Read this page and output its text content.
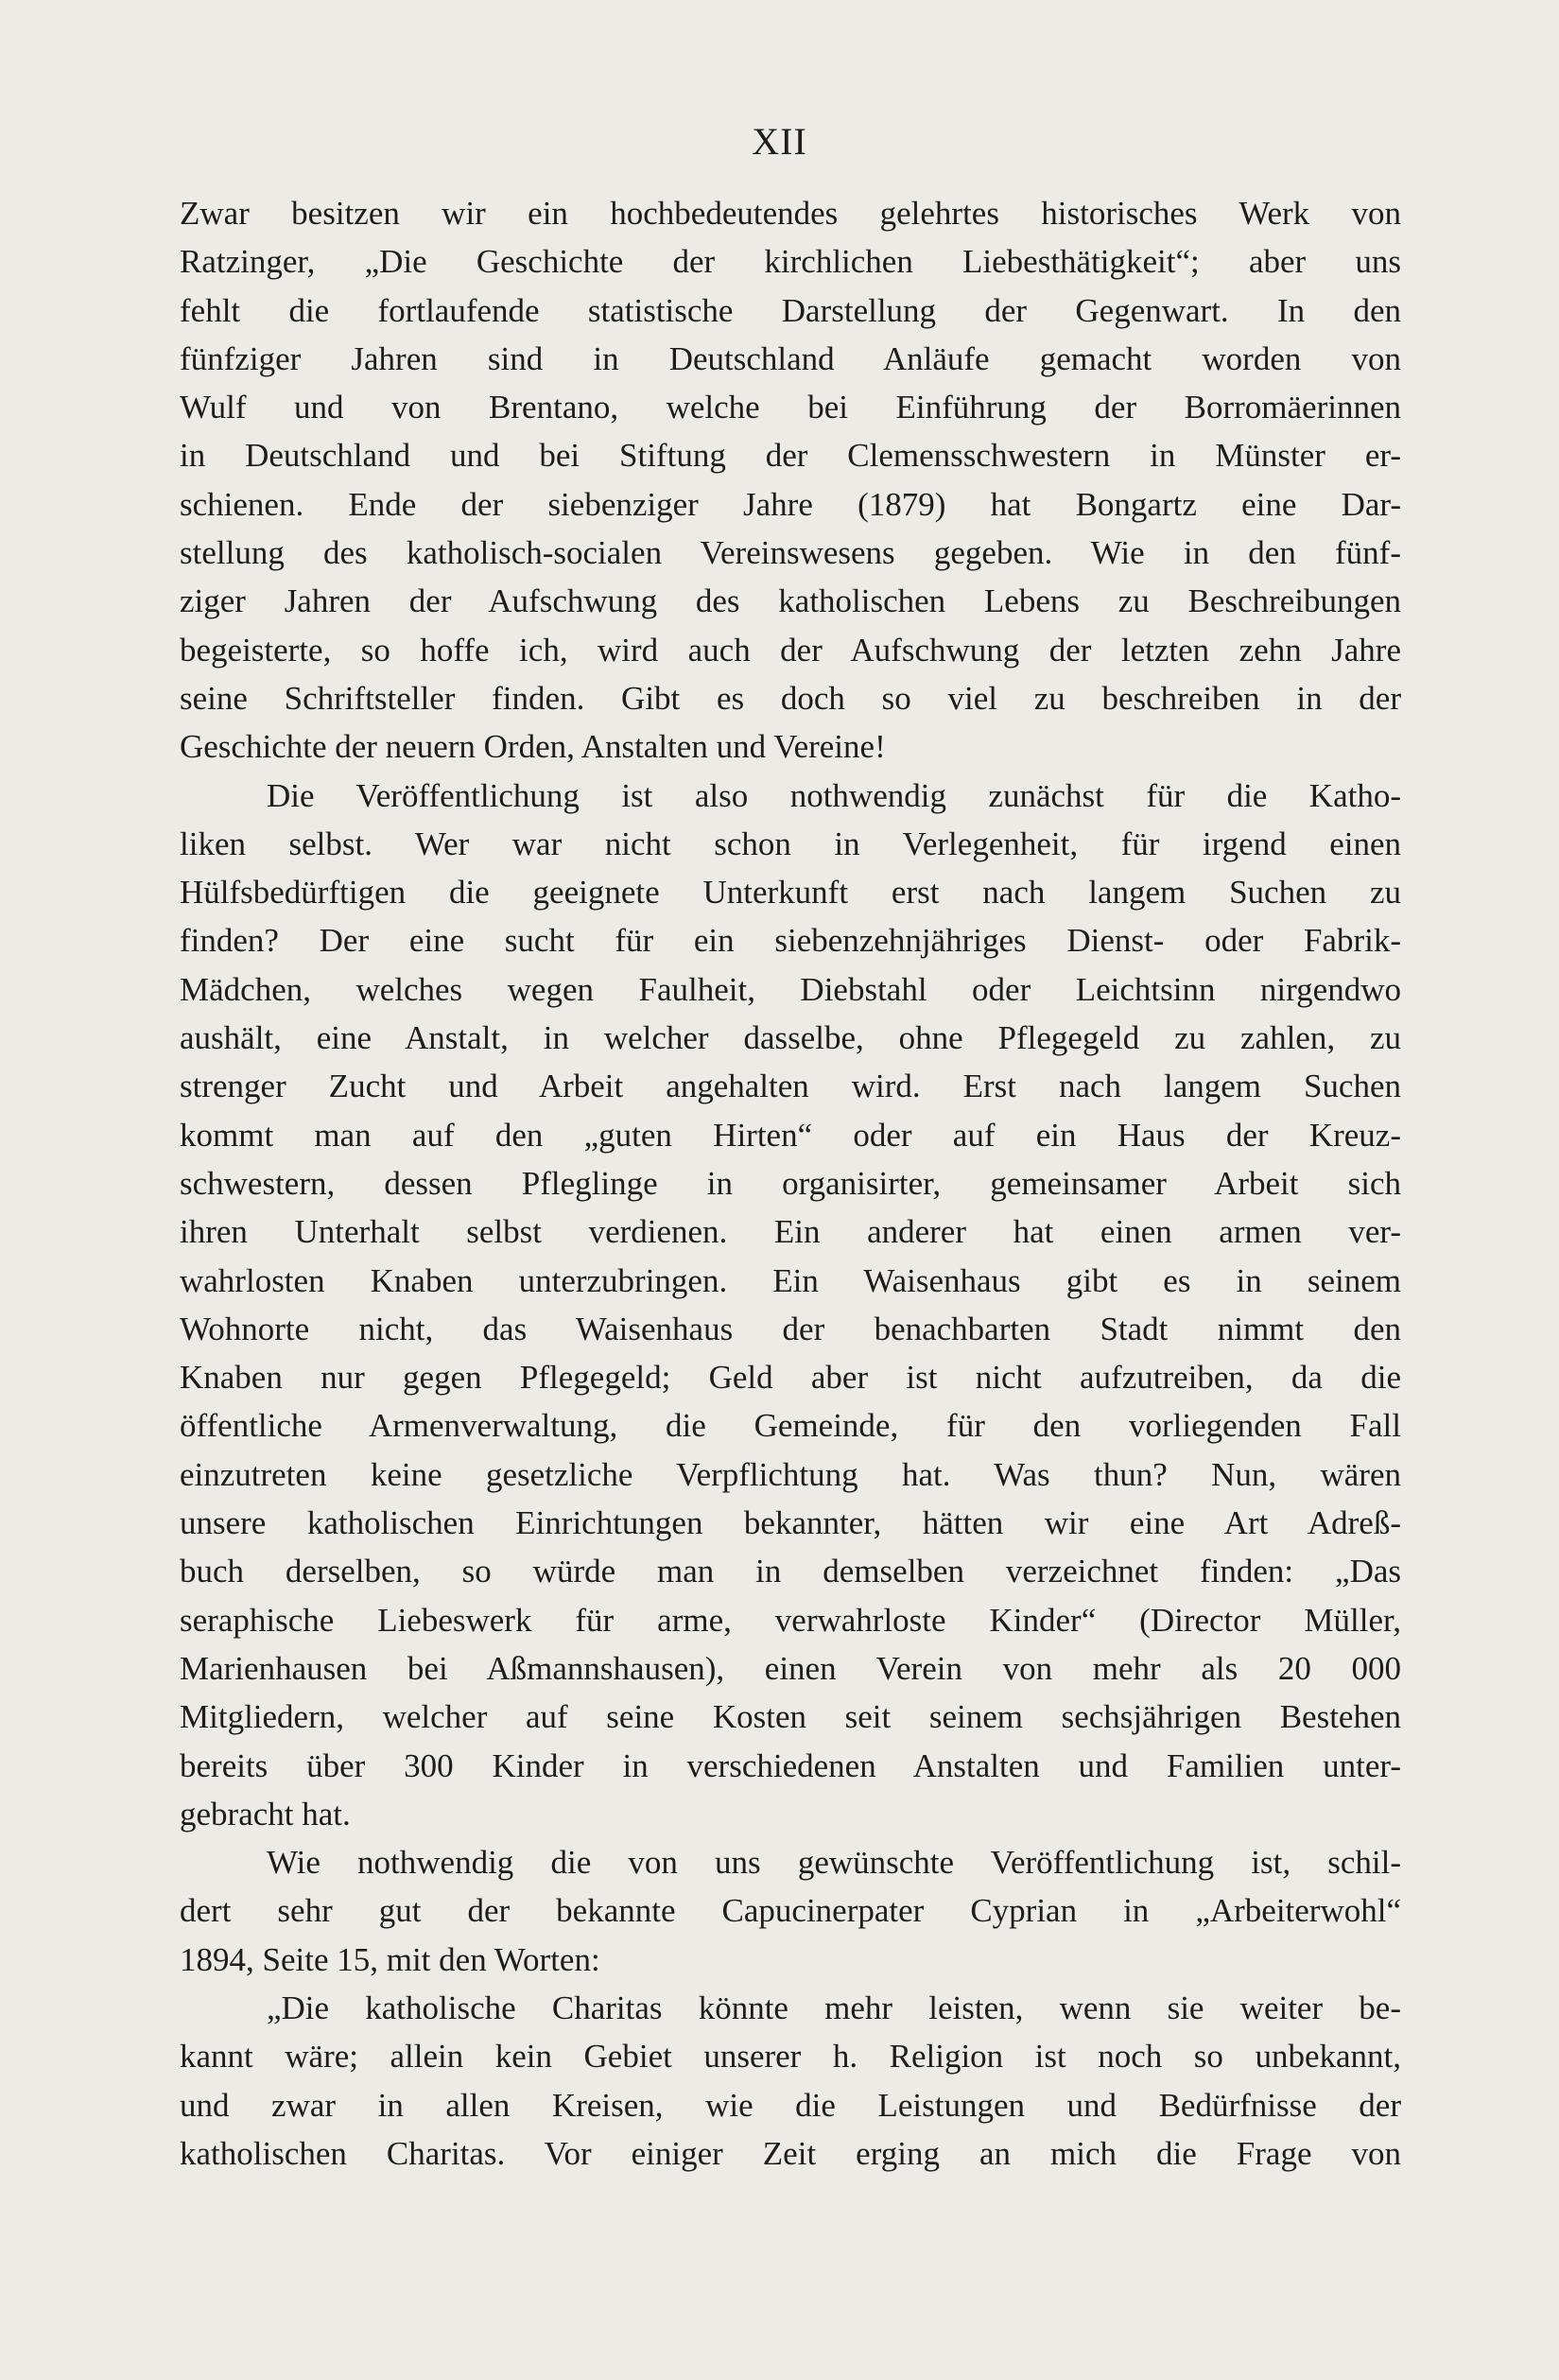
XII
Zwar besitzen wir ein hochbedeutendes gelehrtes historisches Werk von
Ratzinger, „Die Geschichte der kirchlichen Liebesthätigkeit“; aber uns
fehlt die fortlaufende statistische Darstellung der Gegenwart. In den
fünfziger Jahren sind in Deutschland Anläufe gemacht worden von
Wulf und von Brentano, welche bei Einführung der Borromäerinnen
in Deutschland und bei Stiftung der Clemensschwestern in Münster er-
schienen. Ende der siebenziger Jahre (1879) hat Bongartz eine Dar-
stellung des katholisch-socialen Vereinswesens gegeben. Wie in den fünf-
ziger Jahren der Aufschwung des katholischen Lebens zu Beschreibungen
begeisterte, so hoffe ich, wird auch der Aufschwung der letzten zehn Jahre
seine Schriftsteller finden. Gibt es doch so viel zu beschreiben in der
Geschichte der neuern Orden, Anstalten und Vereine!
Die Veröffentlichung ist also nothwendig zunächst für die Katho-
liken selbst. Wer war nicht schon in Verlegenheit, für irgend einen
Hülfsbedürftigen die geeignete Unterkunft erst nach langem Suchen zu
finden? Der eine sucht für ein siebenzehnjähriges Dienst- oder Fabrik-
Mädchen, welches wegen Faulheit, Diebstahl oder Leichtsinn nirgendwo
aushält, eine Anstalt, in welcher dasselbe, ohne Pflegegeld zu zahlen, zu
strenger Zucht und Arbeit angehalten wird. Erst nach langem Suchen
kommt man auf den „guten Hirten“ oder auf ein Haus der Kreuz-
schwestern, dessen Pfleglinge in organisirter, gemeinsamer Arbeit sich
ihren Unterhalt selbst verdienen. Ein anderer hat einen armen ver-
wahrlosten Knaben unterzubringen. Ein Waisenhaus gibt es in seinem
Wohnorte nicht, das Waisenhaus der benachbarten Stadt nimmt den
Knaben nur gegen Pflegegeld; Geld aber ist nicht aufzutreiben, da die
öffentliche Armenverwaltung, die Gemeinde, für den vorliegenden Fall
einzutreten keine gesetzliche Verpflichtung hat. Was thun? Nun, wären
unsere katholischen Einrichtungen bekannter, hätten wir eine Art Adreß-
buch derselben, so würde man in demselben verzeichnet finden: „Das
seraphische Liebeswerk für arme, verwahrloste Kinder“ (Director Müller,
Marienhausen bei Aßmannshausen), einen Verein von mehr als 20 000
Mitgliedern, welcher auf seine Kosten seit seinem sechsjährigen Bestehen
bereits über 300 Kinder in verschiedenen Anstalten und Familien unter-
gebracht hat.
Wie nothwendig die von uns gewünschte Veröffentlichung ist, schil-
dert sehr gut der bekannte Capucinerpater Cyprian in „Arbeiterwohl“
1894, Seite 15, mit den Worten:
„Die katholische Charitas könnte mehr leisten, wenn sie weiter be-
kannt wäre; allein kein Gebiet unserer h. Religion ist noch so unbekannt,
und zwar in allen Kreisen, wie die Leistungen und Bedürfnisse der
katholischen Charitas. Vor einiger Zeit erging an mich die Frage von
